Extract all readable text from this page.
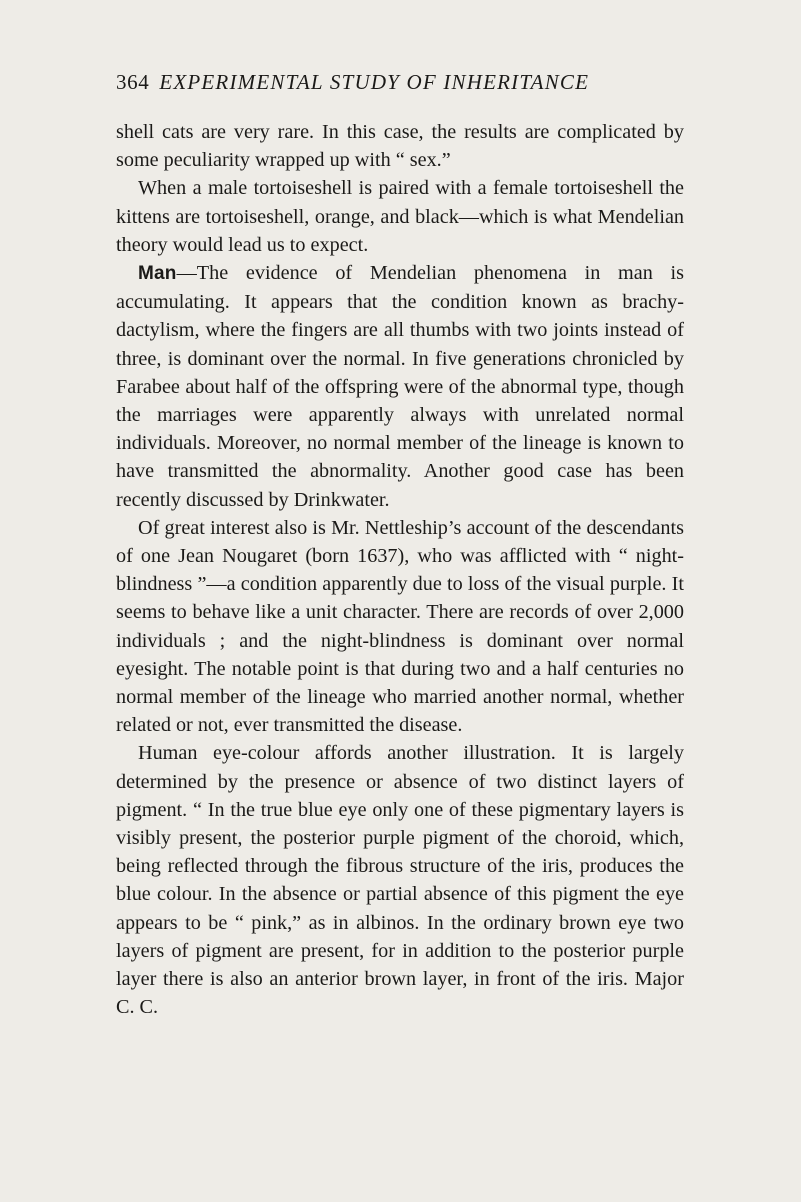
364 EXPERIMENTAL STUDY OF INHERITANCE

shell cats are very rare. In this case, the results are complicated by some peculiarity wrapped up with “ sex.”

When a male tortoiseshell is paired with a female tortoiseshell the kittens are tortoiseshell, orange, and black—which is what Mendelian theory would lead us to expect.

Man—The evidence of Mendelian phenomena in man is accumulating. It appears that the condition known as brachydactylism, where the fingers are all thumbs with two joints instead of three, is dominant over the normal. In five generations chronicled by Farabee about half of the offspring were of the abnormal type, though the marriages were apparently always with unrelated normal individuals. Moreover, no normal member of the lineage is known to have transmitted the abnormality. Another good case has been recently discussed by Drinkwater.

Of great interest also is Mr. Nettleship’s account of the descendants of one Jean Nougaret (born 1637), who was afflicted with “ night-blindness ”—a condition apparently due to loss of the visual purple. It seems to behave like a unit character. There are records of over 2,000 individuals ; and the night-blindness is dominant over normal eyesight. The notable point is that during two and a half centuries no normal member of the lineage who married another normal, whether related or not, ever transmitted the disease.

Human eye-colour affords another illustration. It is largely determined by the presence or absence of two distinct layers of pigment. “ In the true blue eye only one of these pigmentary layers is visibly present, the posterior purple pigment of the choroid, which, being reflected through the fibrous structure of the iris, produces the blue colour. In the absence or partial absence of this pigment the eye appears to be “ pink,” as in albinos. In the ordinary brown eye two layers of pigment are present, for in addition to the posterior purple layer there is also an anterior brown layer, in front of the iris. Major C. C.
